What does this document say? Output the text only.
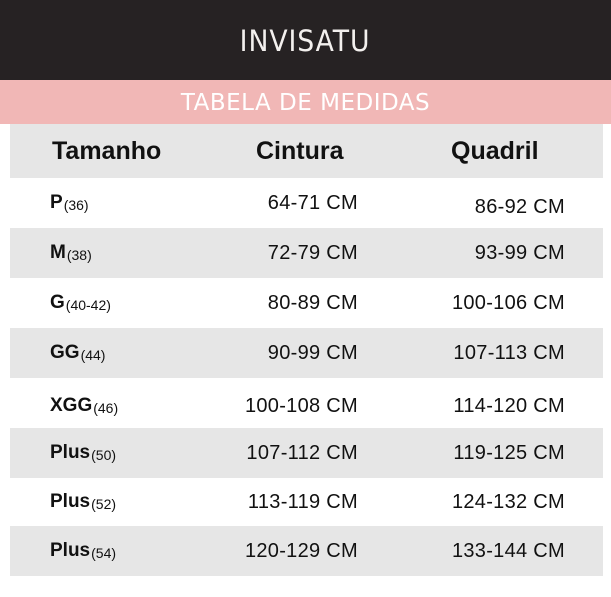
INVISATU
TABELA DE MEDIDAS
Tamanho	Cintura	Quadril
P (36)	64-71 CM	86-92 CM
M (38)	72-79 CM	93-99 CM
G (40-42)	80-89 CM	100-106 CM
GG (44)	90-99 CM	107-113 CM
XGG (46)	100-108 CM	114-120 CM
Plus (50)	107-112 CM	119-125 CM
Plus (52)	113-119 CM	124-132 CM
Plus (54)	120-129 CM	133-144 CM
